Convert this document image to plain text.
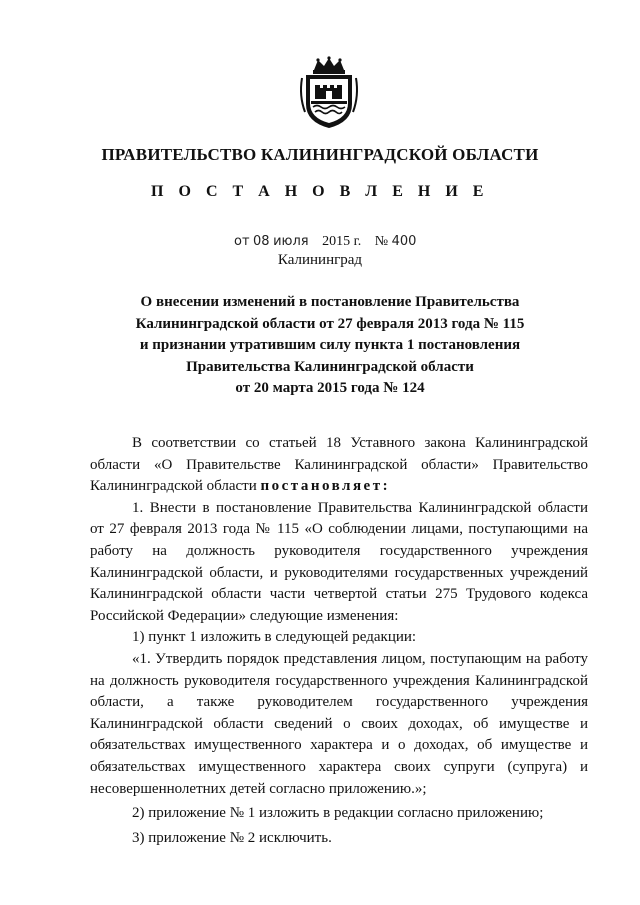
ПРАВИТЕЛЬСТВО КАЛИНИНГРАДСКОЙ ОБЛАСТИ
П О С Т А Н О В Л Е Н И Е
от 08 июля 2015 г. № 400
Калининград
О внесении изменений в постановление Правительства
Калининградской области от 27 февраля 2013 года № 115
и признании утратившим силу пункта 1 постановления
Правительства Калининградской области
от 20 марта 2015 года № 124

В соответствии со статьей 18 Уставного закона Калининградской области «О Правительстве Калининградской области» Правительство Калининградской области постановляет:

1. Внести в постановление Правительства Калининградской области от 27 февраля 2013 года № 115 «О соблюдении лицами, поступающими на работу на должность руководителя государственного учреждения Калининградской области, и руководителями государственных учреждений Калининградской области части четвертой статьи 275 Трудового кодекса Российской Федерации» следующие изменения:

1) пункт 1 изложить в следующей редакции:

«1. Утвердить порядок представления лицом, поступающим на работу на должность руководителя государственного учреждения Калининградской области, а также руководителем государственного учреждения Калининградской области сведений о своих доходах, об имуществе и обязательствах имущественного характера и о доходах, об имуществе и обязательствах имущественного характера своих супруги (супруга) и несовершеннолетних детей согласно приложению.»;

2) приложение № 1 изложить в редакции согласно приложению;

3) приложение № 2 исключить.
